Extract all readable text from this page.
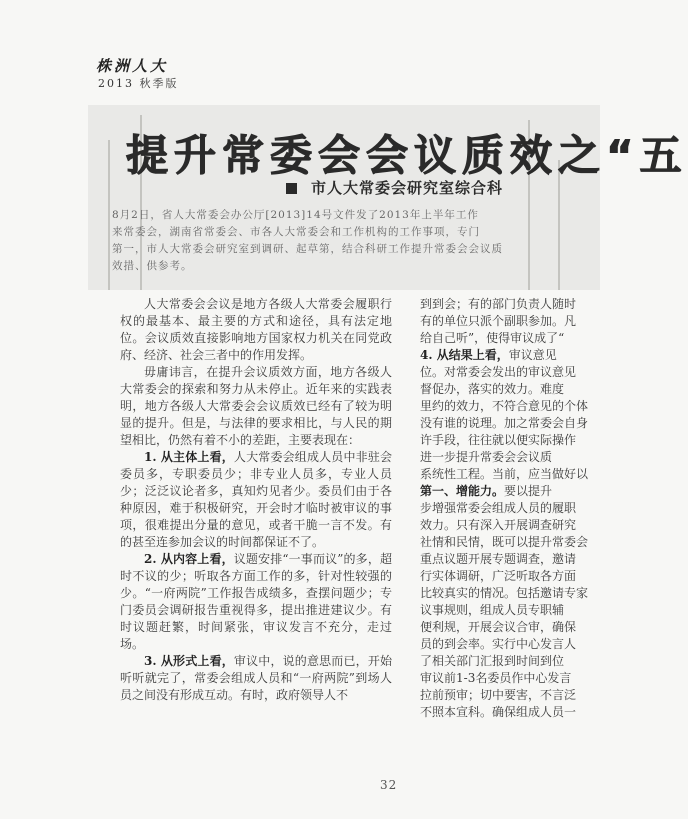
株洲人大
2013 秋季版
提升常委会会议质效之“五
市人大常委会研究室综合科

8月2日，省人大常委会办公厅[2013]14号文件发了2013年上半年工作

来常委会，湖南省常委会、市各人大常委会和工作机构的工作事项，专门

第一，市人大常委会研究室到调研、起草第，结合科研工作提升常委会会议质

效措、供参考。

人大常委会会议是地方各级人大常委会履职行权的最基本、最主要的方式和途径，具有法定地位。会议质效直接影响地方国家权力机关在同党政府、经济、社会三者中的作用发挥。

毋庸讳言，在提升会议质效方面，地方各级人大常委会的探索和努力从未停止。近年来的实践表明，地方各级人大常委会会议质效已经有了较为明显的提升。但是，与法律的要求相比，与人民的期望相比，仍然有着不小的差距，主要表现在：

1. 从主体上看，人大常委会组成人员中非驻会委员多，专职委员少；非专业人员多，专业人员少；泛泛议论者多，真知灼见者少。委员们由于各种原因，难于积极研究，开会时才临时被审议的事项，很难提出分量的意见，或者干脆一言不发。有的甚至连参加会议的时间都保证不了。

2. 从内容上看，议题安排“一事而议”的多，超时不议的少；听取各方面工作的多，针对性较强的少。“一府两院”工作报告成绩多，查摆问题少；专门委员会调研报告重视得多，提出推进建议少。有时议题赶繁，时间紧张，审议发言不充分，走过场。

3. 从形式上看，审议中，说的意思而已，开始听听就完了，常委会组成人员和“一府两院”到场人员之间没有形成互动。有时，政府领导人不

到到会；有的部门负责人随时

有的单位只派个副职参加。凡

给自己听”，使得审议成了“

4. 从结果上看，审议意见

位。对常委会发出的审议意见

督促办，落实的效力。难度

里约的效力，不符合意见的个体

没有谁的说理。加之常委会自身

许手段，往往就以便实际操作

进一步提升常委会会议质

系统性工程。当前，应当做好以

第一、增能力。要以提升

步增强常委会组成人员的履职

效力。只有深入开展调查研究

社情和民情，既可以提升常委会

重点议题开展专题调查，邀请

行实体调研，广泛听取各方面

比较真实的情况。包括邀请专家

议事规则，组成人员专职辅

便利规，开展会议合审，确保

员的到会率。实行中心发言人

了相关部门汇报到时间到位

审议前1-3名委员作中心发言

拉前预审；切中要害，不言泛

不照本宣科。确保组成人员一

32
